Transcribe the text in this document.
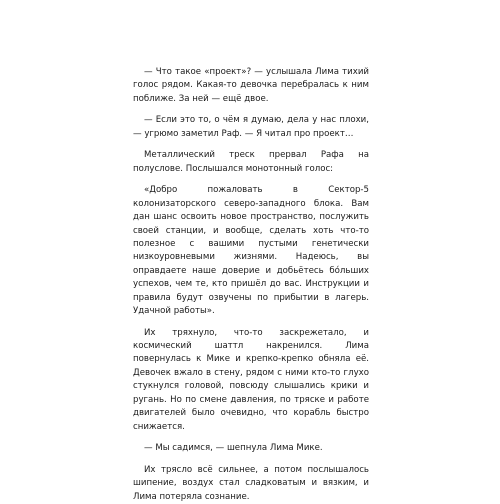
— Что такое «проект»? — услышала Лима тихий голос рядом. Какая-то девочка перебралась к ним поближе. За ней — ещё двое.

— Если это то, о чём я думаю, дела у нас плохи, — угрюмо заметил Раф. — Я читал про проект…

Металлический треск прервал Рафа на полуслове. Послышался монотонный голос:

«Добро пожаловать в Сектор-5 колонизаторского северо-западного блока. Вам дан шанс освоить новое пространство, послужить своей станции, и вообще, сделать хоть что-то полезное с вашими пустыми генетически низкоуровневыми жизнями. Надеюсь, вы оправдаете наше доверие и добьётесь бо́льших успехов, чем те, кто пришёл до вас. Инструкции и правила будут озвучены по прибытии в лагерь. Удачной работы».

Их тряхнуло, что-то заскрежетало, и космический шаттл накренился. Лима повернулась к Мике и крепко-крепко обняла её. Девочек вжало в стену, рядом с ними кто-то глухо стукнулся головой, повсюду слышались крики и ругань. Но по смене давления, по тряске и работе двигателей было очевидно, что корабль быстро снижается.

— Мы садимся, — шепнула Лима Мике.

Их трясло всё сильнее, а потом послышалось шипение, воздух стал сладковатым и вязким, и Лима потеряла сознание.
